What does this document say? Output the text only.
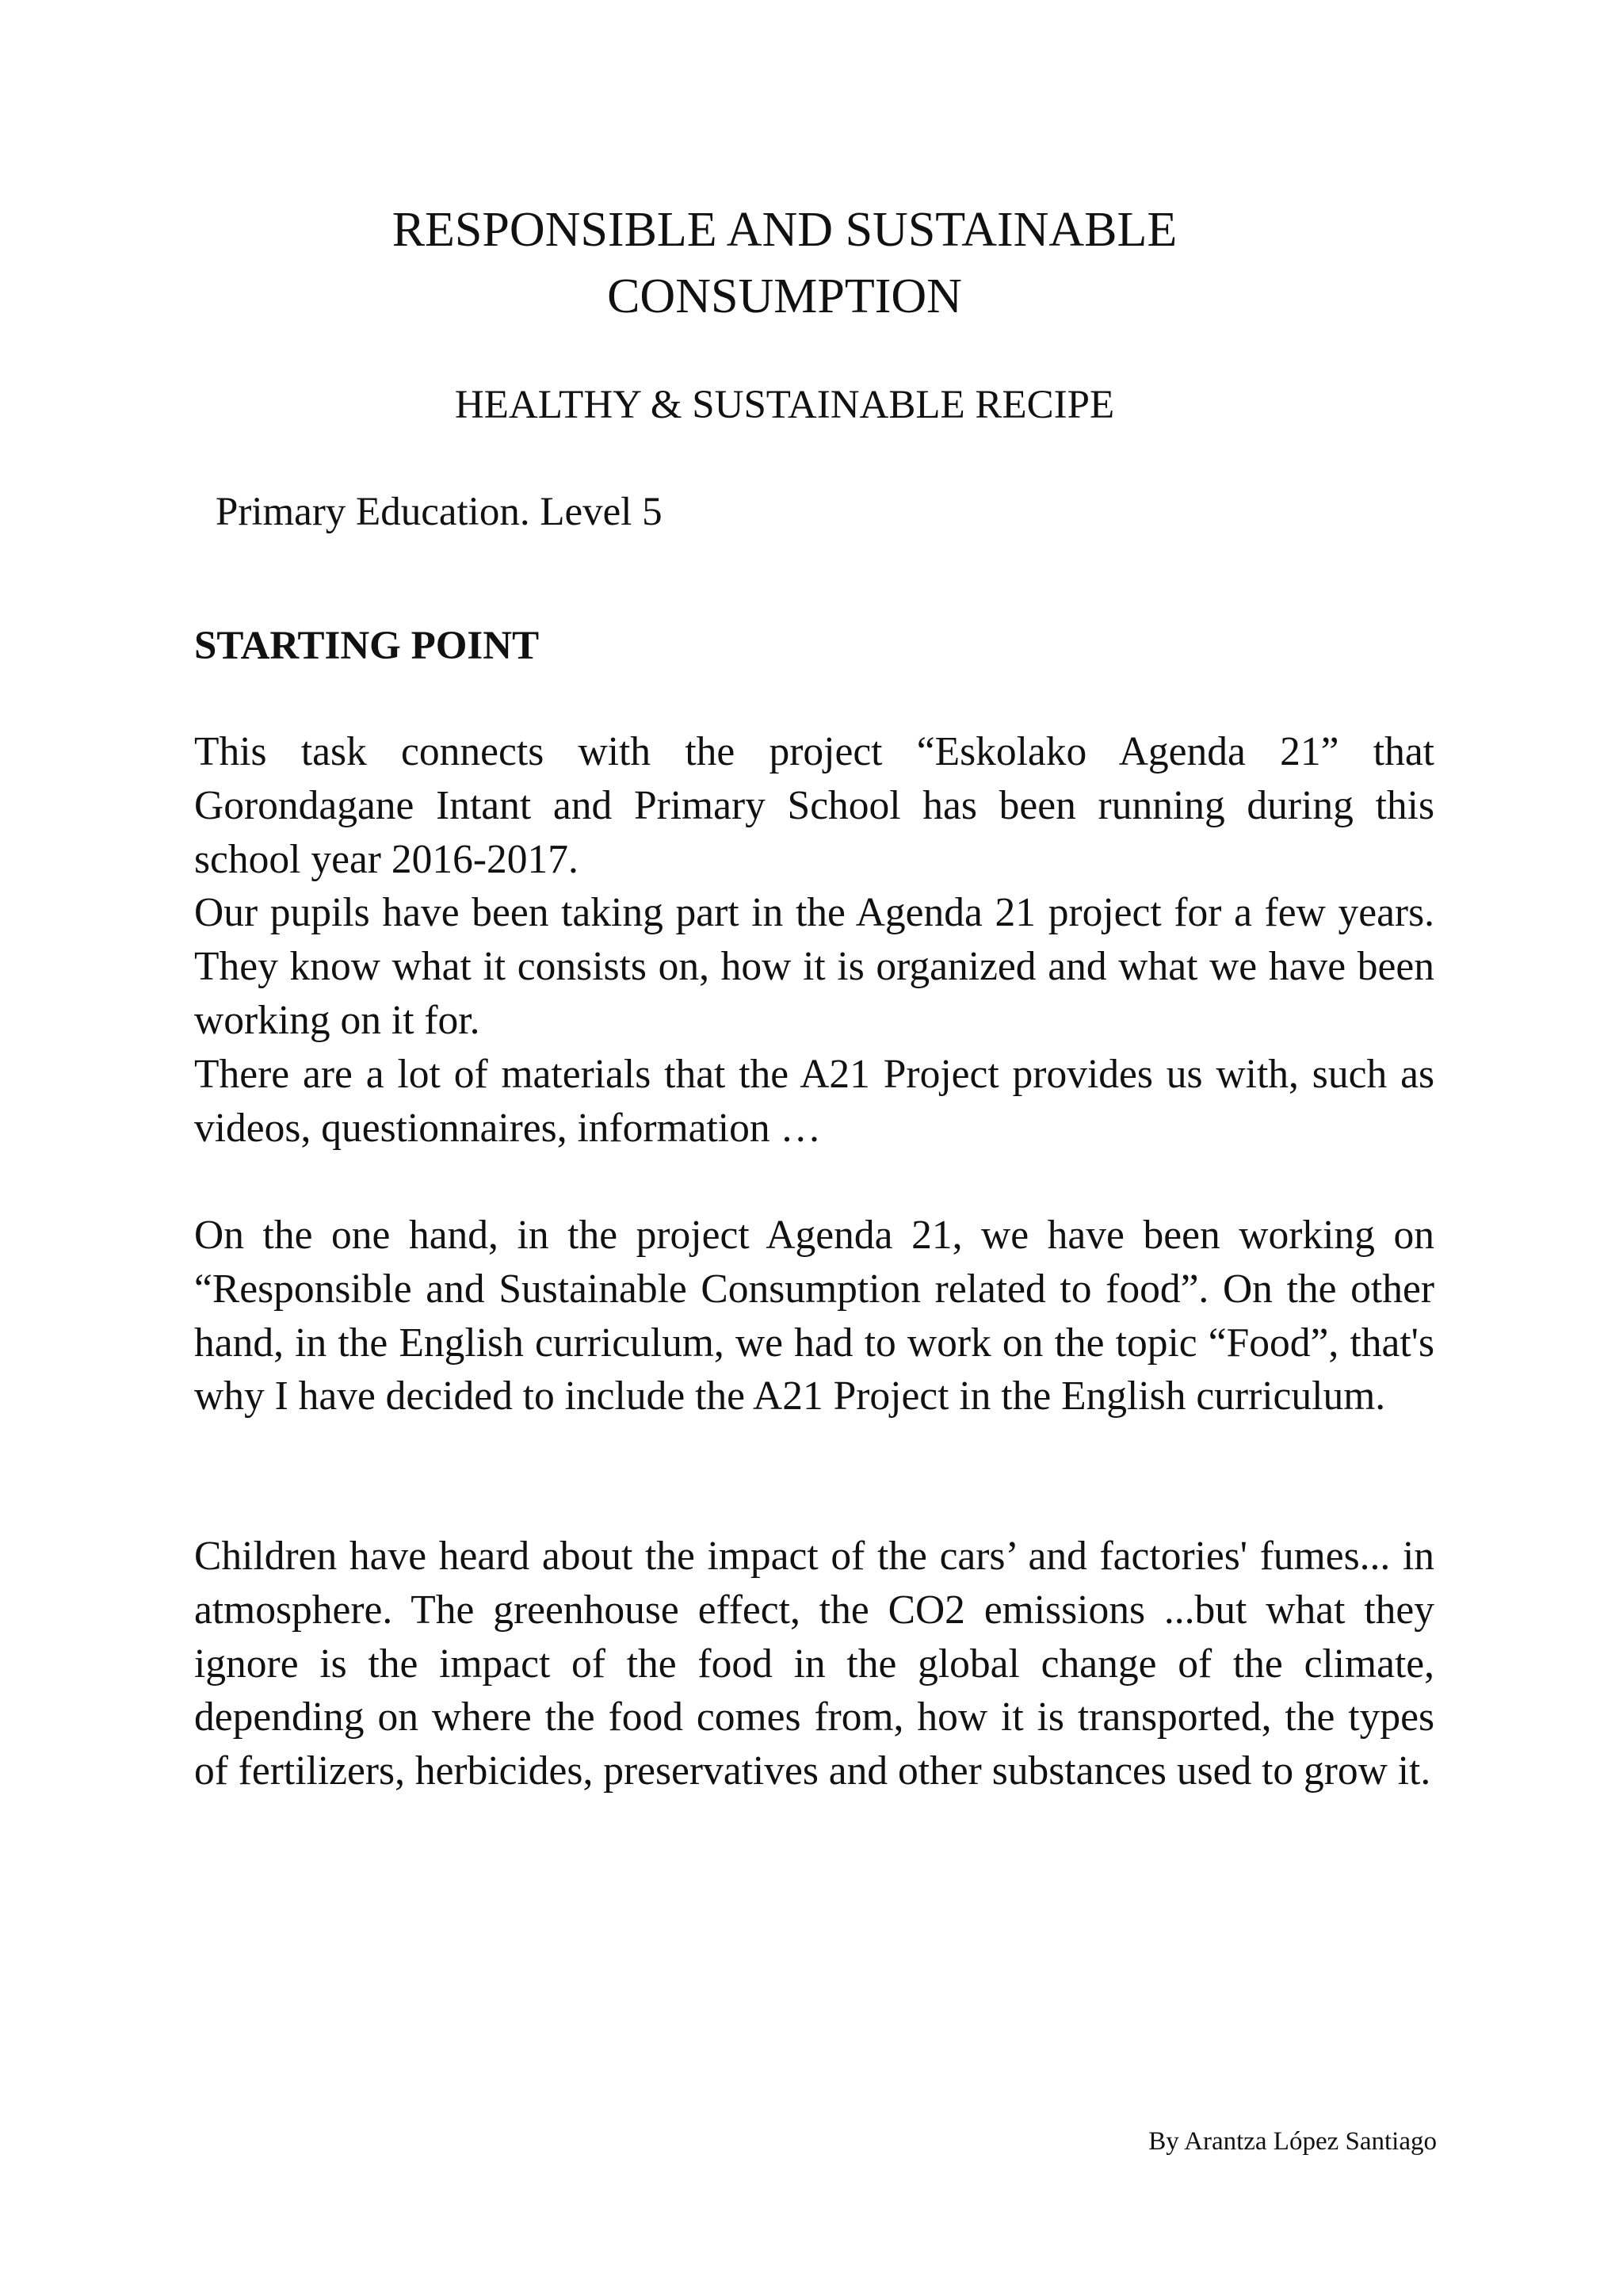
RESPONSIBLE AND SUSTAINABLE CONSUMPTION

HEALTHY & SUSTAINABLE RECIPE

Primary Education. Level 5

STARTING POINT

This task connects with the project “Eskolako Agenda 21” that Gorondagane Intant and Primary School has been running during this school year 2016-2017.

Our pupils have been taking part in the Agenda 21 project for a few years. They know what it consists on, how it is organized and what we have been working on it for.

There are a lot of materials that the A21 Project provides us with, such as videos, questionnaires, information …

On the one hand, in the project Agenda 21, we have been working on “Responsible and Sustainable Consumption related to food”. On the other hand, in the English curriculum, we had to work on the topic “Food”, that's why I have decided to include the A21 Project in the English curriculum.

Children have heard about the impact of the cars’ and factories' fumes... in atmosphere. The greenhouse effect, the CO2 emissions ...but what they ignore is the impact of the food in the global change of the climate, depending on where the food comes from, how it is transported, the types of fertilizers, herbicides, preservatives and other substances used to grow it.

By Arantza López Santiago
